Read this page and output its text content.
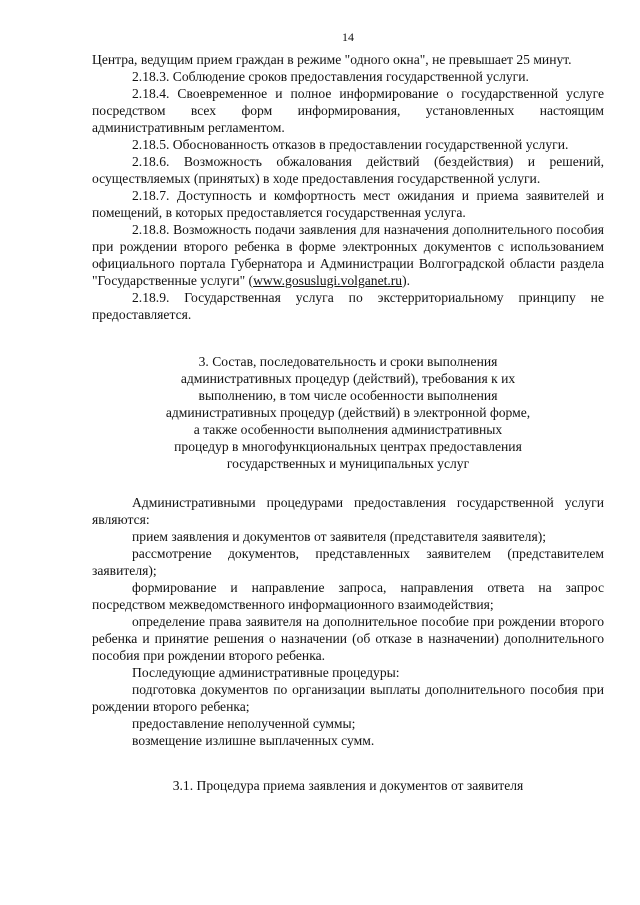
14

Центра, ведущим прием граждан в режиме "одного окна", не превышает 25 минут.

2.18.3. Соблюдение сроков предоставления государственной услуги.

2.18.4. Своевременное и полное информирование о государственной услуге посредством всех форм информирования, установленных настоящим административным регламентом.

2.18.5. Обоснованность отказов в предоставлении государственной услуги.

2.18.6. Возможность обжалования действий (бездействия) и решений, осуществляемых (принятых) в ходе предоставления государственной услуги.

2.18.7. Доступность и комфортность мест ожидания и приема заявителей и помещений, в которых предоставляется государственная услуга.

2.18.8. Возможность подачи заявления для назначения дополнительного пособия при рождении второго ребенка в форме электронных документов с использованием официального портала Губернатора и Администрации Волгоградской области раздела "Государственные услуги" (www.gosuslugi.volganet.ru).

2.18.9. Государственная услуга по экстерриториальному принципу не предоставляется.

3. Состав, последовательность и сроки выполнения
административных процедур (действий), требования к их
выполнению, в том числе особенности выполнения
административных процедур (действий) в электронной форме,
а также особенности выполнения административных
процедур в многофункциональных центрах предоставления
государственных и муниципальных услуг

Административными процедурами предоставления государственной услуги являются:

прием заявления и документов от заявителя (представителя заявителя);

рассмотрение документов, представленных заявителем (представителем заявителя);

формирование и направление запроса, направления ответа на запрос посредством межведомственного информационного взаимодействия;

определение права заявителя на дополнительное пособие при рождении второго ребенка и принятие решения о назначении (об отказе в назначении) дополнительного пособия при рождении второго ребенка.

Последующие административные процедуры:

подготовка документов по организации выплаты дополнительного пособия при рождении второго ребенка;

предоставление неполученной суммы;

возмещение излишне выплаченных сумм.

3.1. Процедура приема заявления и документов от заявителя
